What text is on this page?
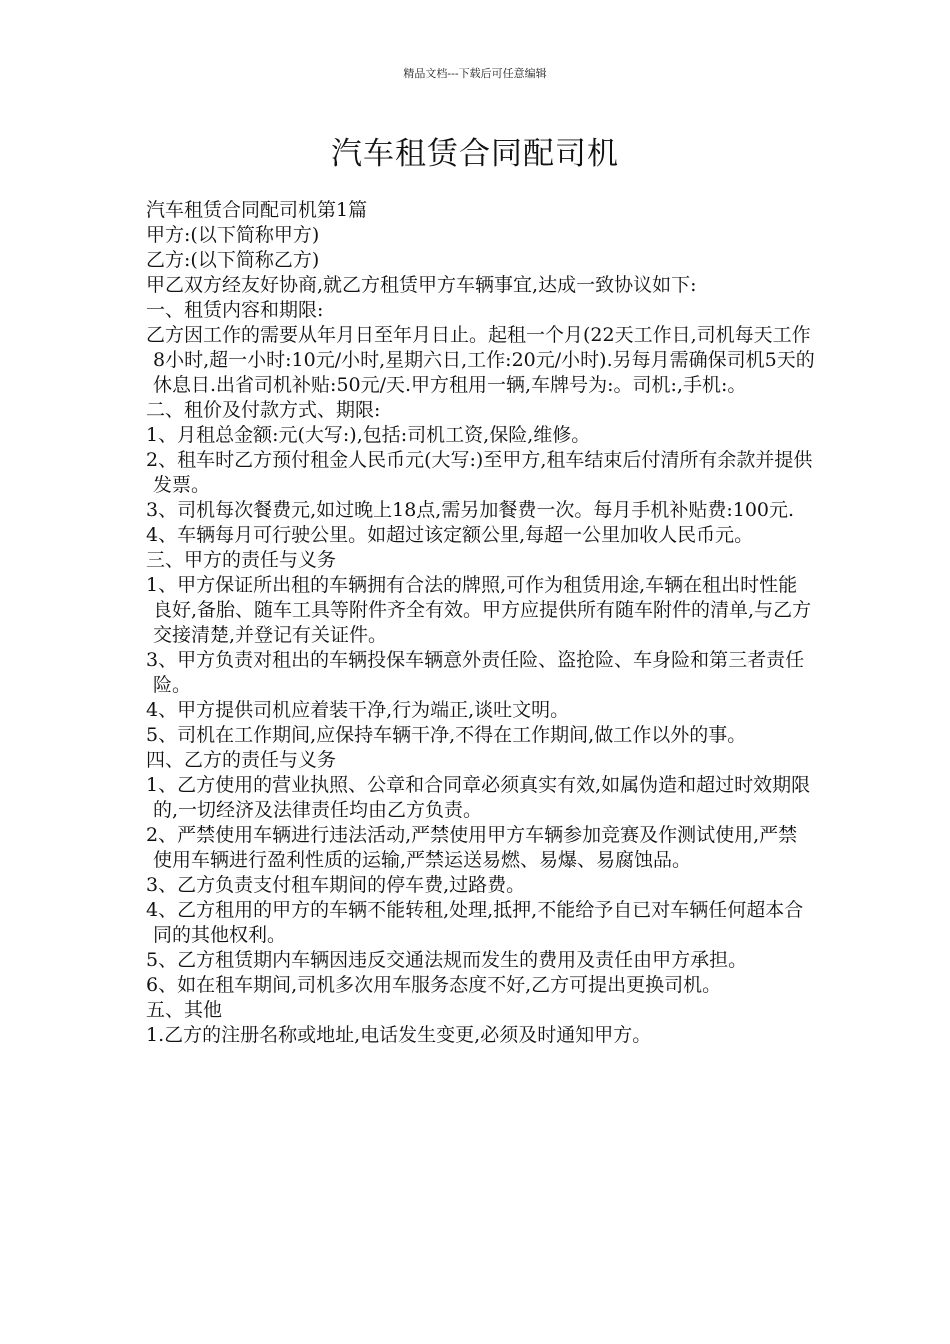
精品文档---下载后可任意编辑
汽车租赁合同配司机

汽车租赁合同配司机第1篇

甲方:(以下简称甲方)

乙方:(以下简称乙方)

甲乙双方经友好协商,就乙方租赁甲方车辆事宜,达成一致协议如下:

一、租赁内容和期限:

乙方因工作的需要从年月日至年月日止。起租一个月(22天工作日,司机每天工作8小时,超一小时:10元/小时,星期六日,工作:20元/小时).另每月需确保司机5天的休息日.出省司机补贴:50元/天.甲方租用一辆,车牌号为:。司机:,手机:。

二、租价及付款方式、期限:

1、月租总金额:元(大写:),包括:司机工资,保险,维修。

2、租车时乙方预付租金人民币元(大写:)至甲方,租车结束后付清所有余款并提供发票。

3、司机每次餐费元,如过晚上18点,需另加餐费一次。每月手机补贴费:100元.

4、车辆每月可行驶公里。如超过该定额公里,每超一公里加收人民币元。

三、甲方的责任与义务

1、甲方保证所出租的车辆拥有合法的牌照,可作为租赁用途,车辆在租出时性能良好,备胎、随车工具等附件齐全有效。甲方应提供所有随车附件的清单,与乙方交接清楚,并登记有关证件。

3、甲方负责对租出的车辆投保车辆意外责任险、盗抢险、车身险和第三者责任险。

4、甲方提供司机应着装干净,行为端正,谈吐文明。

5、司机在工作期间,应保持车辆干净,不得在工作期间,做工作以外的事。

四、乙方的责任与义务

1、乙方使用的营业执照、公章和合同章必须真实有效,如属伪造和超过时效期限的,一切经济及法律责任均由乙方负责。

2、严禁使用车辆进行违法活动,严禁使用甲方车辆参加竞赛及作测试使用,严禁使用车辆进行盈利性质的运输,严禁运送易燃、易爆、易腐蚀品。

3、乙方负责支付租车期间的停车费,过路费。

4、乙方租用的甲方的车辆不能转租,处理,抵押,不能给予自已对车辆任何超本合同的其他权利。

5、乙方租赁期内车辆因违反交通法规而发生的费用及责任由甲方承担。

6、如在租车期间,司机多次用车服务态度不好,乙方可提出更换司机。

五、其他

1.乙方的注册名称或地址,电话发生变更,必须及时通知甲方。
